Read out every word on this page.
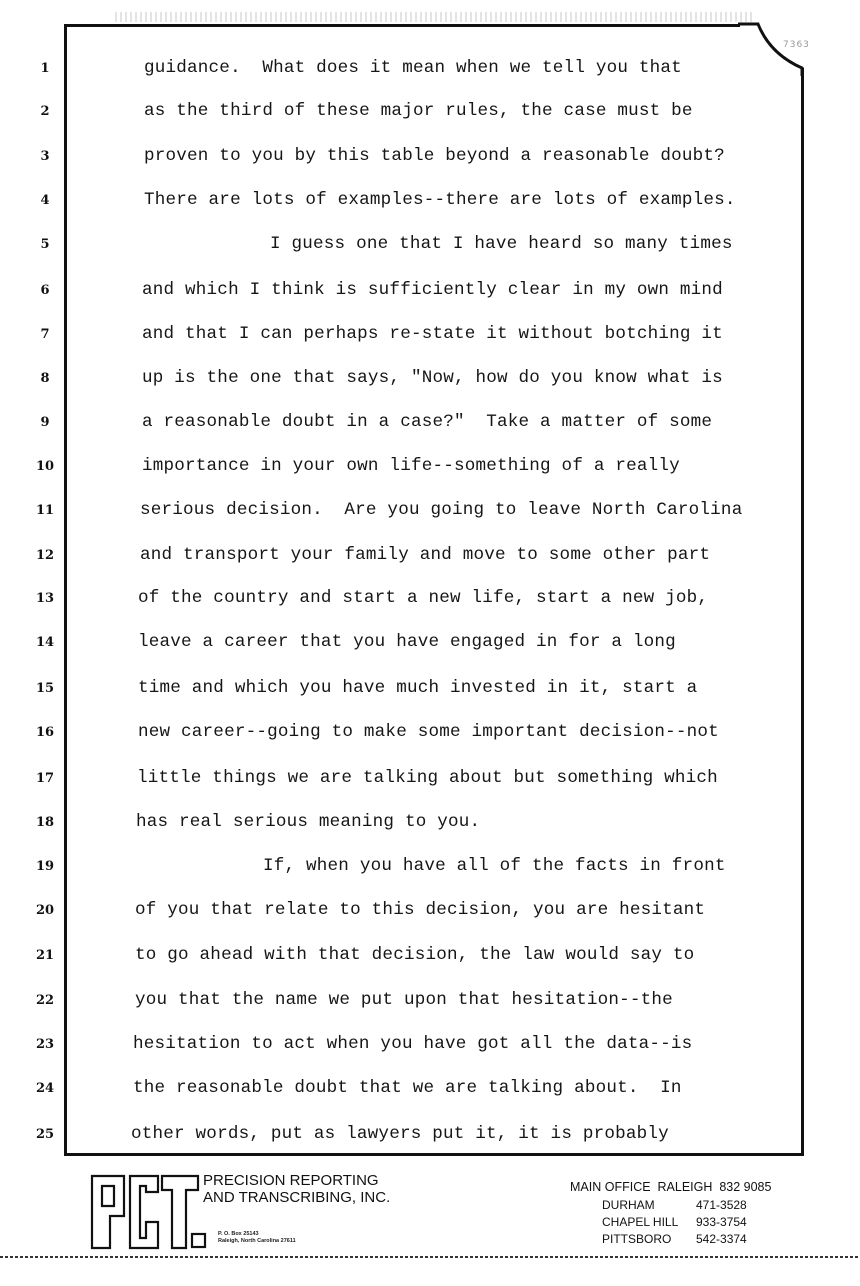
7363
1
2
3
4
5
6
7
8
9
10
11
12
13
14
15
16
17
18
19
20
21
22
23
24
25
guidance.  What does it mean when we tell you that
as the third of these major rules, the case must be
proven to you by this table beyond a reasonable doubt?
There are lots of examples--there are lots of examples.
I guess one that I have heard so many times
and which I think is sufficiently clear in my own mind
and that I can perhaps re-state it without botching it
up is the one that says, "Now, how do you know what is
a reasonable doubt in a case?"  Take a matter of some
importance in your own life--something of a really
serious decision.  Are you going to leave North Carolina
and transport your family and move to some other part
of the country and start a new life, start a new job,
leave a career that you have engaged in for a long
time and which you have much invested in it, start a
new career--going to make some important decision--not
little things we are talking about but something which
has real serious meaning to you.
If, when you have all of the facts in front
of you that relate to this decision, you are hesitant
to go ahead with that decision, the law would say to
you that the name we put upon that hesitation--the
hesitation to act when you have got all the data--is
the reasonable doubt that we are talking about.  In
other words, put as lawyers put it, it is probably
PRECISION REPORTING
AND TRANSCRIBING, INC.
P. O. Box 25143
Raleigh, North Carolina 27611
MAIN OFFICE  RALEIGH  832 9085
DURHAM	471-3528
CHAPEL HILL 933-3754
PITTSBORO 542-3374
